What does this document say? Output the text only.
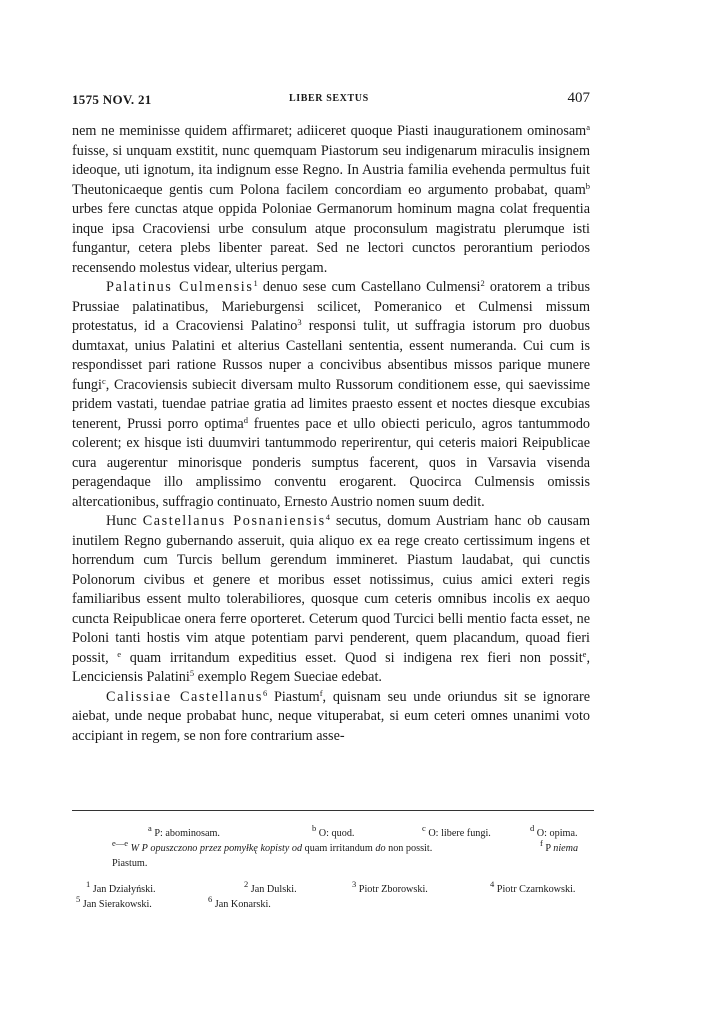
1575 NOV. 21	LIBER SEXTUS	407

nem ne meminisse quidem affirmaret; adiiceret quoque Piasti inaugurationem ominosam$^a$ fuisse, si unquam exstitit, nunc quemquam Piastorum seu indigenarum miraculis insignem ideoque, uti ignotum, ita indignum esse Regno. In Austria familia evehenda permultus fuit Theutonicaeque gentis cum Polona facilem concordiam eo argumento probabat, quam$^b$ urbes fere cunctas atque oppida Poloniae Germanorum hominum magna colat frequentia inque ipsa Cracoviensi urbe consulum atque proconsulum magistratu plerumque isti fungantur, cetera plebs libenter pareat. Sed ne lectori cunctos perorantium periodos recensendo molestus videar, ulterius pergam.

Palatinus Culmensis$^1$ denuo sese cum Castellano Culmensi$^2$ oratorem a tribus Prussiae palatinatibus, Marieburgensi scilicet, Pomeranico et Culmensi missum protestatus, id a Cracoviensi Palatino$^3$ responsi tulit, ut suffragia istorum pro duobus dumtaxat, unius Palatini et alterius Castellani sententia, essent numeranda. Cui cum is respondisset pari ratione Russos nuper a concivibus absentibus missos parique munere fungi$^c$, Cracoviensis subiecit diversam multo Russorum conditionem esse, qui saevissime pridem vastati, tuendae patriae gratia ad limites praesto essent et noctes diesque excubias tenerent, Prussi porro optima$^d$ fruentes pace et ullo obiecti periculo, agros tantummodo colerent; ex hisque isti duumviri tantummodo reperirentur, qui ceteris maiori Reipublicae cura augerentur minorisque ponderis sumptus facerent, quos in Varsavia visenda peragendaque illo amplissimo conventu erogarent. Quocirca Culmensis omissis altercationibus, suffragio continuato, Ernesto Austrio nomen suum dedit.

Hunc Castellanus Posnaniensis$^4$ secutus, domum Austriam hanc ob causam inutilem Regno gubernando asseruit, quia aliquo ex ea rege creato certissimum ingens et horrendum cum Turcis bellum gerendum immineret. Piastum laudabat, qui cunctis Polonorum civibus et genere et moribus esset notissimus, cuius amici exteri regis familiaribus essent multo tolerabiliores, quosque cum ceteris omnibus incolis ex aequo cuncta Reipublicae onera ferre oporteret. Ceterum quod Turcici belli mentio facta esset, ne Poloni tanti hostis vim atque potentiam parvi penderent, quem placandum, quoad fieri possit, $^e$ quam irritandum expeditius esset. Quod si indigena rex fieri non possit$^e$, Lenciciensis Palatini$^5$ exemplo Regem Sueciae edebat.

Calissiae Castellanus$^6$ Piastum$^f$, quisnam seu unde oriundus sit se ignorare aiebat, unde neque probabat hunc, neque vituperabat, si eum ceteri omnes unanimi voto accipiant in regem, se non fore contrarium asse-

$^a$ P: abominosam.	$^b$ O: quod.	$^c$ O: libere fungi.	$^d$ O: opima.
$^{e—e}$ W P opuszczono przez pomyłkę kopisty od quam irritandum do non possit.	$^f$ P niema
Piastum.
$^1$ Jan Działyński.	$^2$ Jan Dulski.	$^3$ Piotr Zborowski.	$^4$ Piotr Czarnkowski.
$^5$ Jan Sierakowski.	$^6$ Jan Konarski.
